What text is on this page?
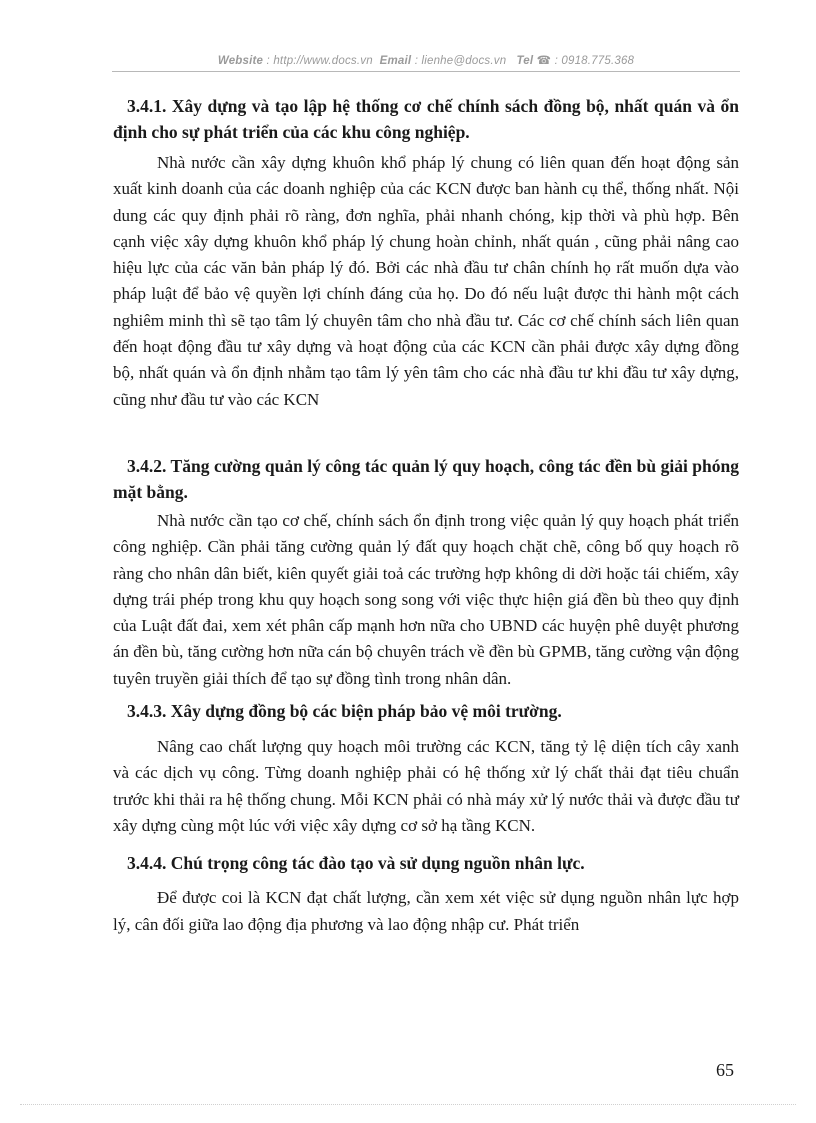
Website : http://www.docs.vn Email : lienhe@docs.vn Tel ☎ : 0918.775.368
3.4.1. Xây dựng và tạo lập hệ thống cơ chế chính sách đồng bộ, nhất quán và ổn định cho sự phát triển của các khu công nghiệp.

Nhà nước cần xây dựng khuôn khổ pháp lý chung có liên quan đến hoạt động sản xuất kinh doanh của các doanh nghiệp của các KCN được ban hành cụ thể, thống nhất. Nội dung các quy định phải rõ ràng, đơn nghĩa, phải nhanh chóng, kịp thời và phù hợp. Bên cạnh việc xây dựng khuôn khổ pháp lý chung hoàn chỉnh, nhất quán , cũng phải nâng cao hiệu lực của các văn bản pháp lý đó. Bởi các nhà đầu tư chân chính họ rất muốn dựa vào pháp luật để bảo vệ quyền lợi chính đáng của họ. Do đó nếu luật được thi hành một cách nghiêm minh thì sẽ tạo tâm lý chuyên tâm cho nhà đầu tư. Các cơ chế chính sách liên quan đến hoạt động đầu tư xây dựng và hoạt động của các KCN cần phải được xây dựng đồng bộ, nhất quán và ổn định nhằm tạo tâm lý yên tâm cho các nhà đầu tư khi đầu tư xây dựng, cũng như đầu tư vào các KCN

3.4.2. Tăng cường quản lý công tác quản lý quy hoạch, công tác đền bù giải phóng mặt bằng.

Nhà nước cần tạo cơ chế, chính sách ổn định trong việc quản lý quy hoạch phát triển công nghiệp. Cần phải tăng cường quản lý đất quy hoạch chặt chẽ, công bố quy hoạch rõ ràng cho nhân dân biết, kiên quyết giải toả các trường hợp không di dời hoặc tái chiếm, xây dựng trái phép trong khu quy hoạch song song với việc thực hiện giá đền bù theo quy định của Luật đất đai, xem xét phân cấp mạnh hơn nữa cho UBND các huyện phê duyệt phương án đền bù, tăng cường hơn nữa cán bộ chuyên trách về đền bù GPMB, tăng cường vận động tuyên truyền giải thích để tạo sự đồng tình trong nhân dân.

3.4.3. Xây dựng đồng bộ các biện pháp bảo vệ môi trường.

Nâng cao chất lượng quy hoạch môi trường các KCN, tăng tỷ lệ diện tích cây xanh và các dịch vụ công. Từng doanh nghiệp phải có hệ thống xử lý chất thải đạt tiêu chuẩn trước khi thải ra hệ thống chung. Mỗi KCN phải có nhà máy xử lý nước thải và được đầu tư xây dựng cùng một lúc với việc xây dựng cơ sở hạ tầng KCN.

3.4.4. Chú trọng công tác đào tạo và sử dụng nguồn nhân lực.

Để được coi là KCN đạt chất lượng, cần xem xét việc sử dụng nguồn nhân lực hợp lý, cân đối giữa lao động địa phương và lao động nhập cư. Phát triển

65
